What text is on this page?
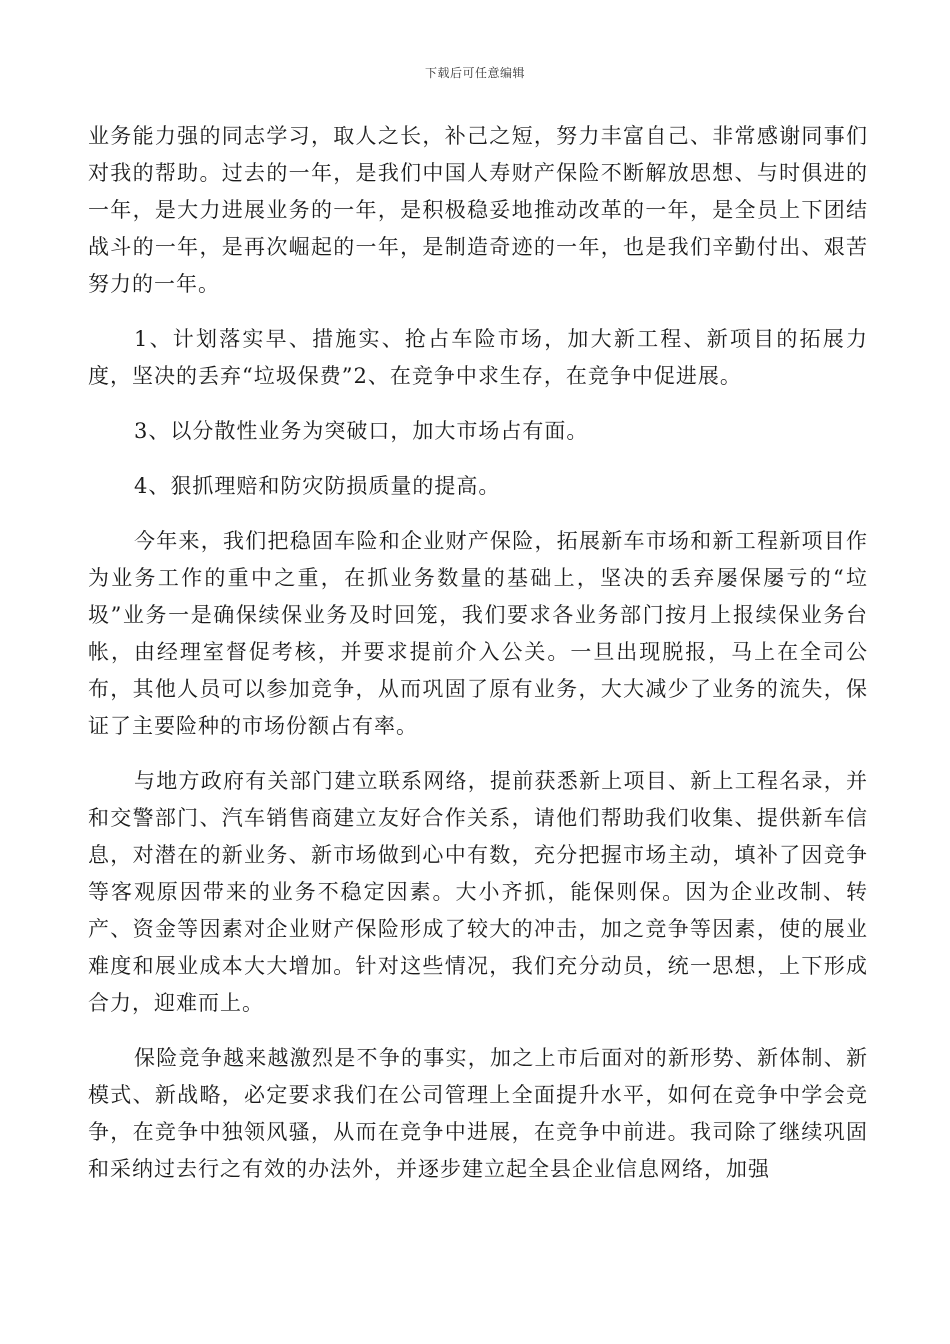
下载后可任意编辑

业务能力强的同志学习，取人之长，补己之短，努力丰富自己、非常感谢同事们对我的帮助。过去的一年，是我们中国人寿财产保险不断解放思想、与时俱进的一年，是大力进展业务的一年，是积极稳妥地推动改革的一年，是全员上下团结战斗的一年，是再次崛起的一年，是制造奇迹的一年，也是我们辛勤付出、艰苦努力的一年。

1、计划落实早、措施实、抢占车险市场，加大新工程、新项目的拓展力度，坚决的丢弃“垃圾保费”2、在竞争中求生存，在竞争中促进展。

3、以分散性业务为突破口，加大市场占有面。

4、狠抓理赔和防灾防损质量的提高。

今年来，我们把稳固车险和企业财产保险，拓展新车市场和新工程新项目作为业务工作的重中之重，在抓业务数量的基础上，坚决的丢弃屡保屡亏的“垃圾”业务一是确保续保业务及时回笼，我们要求各业务部门按月上报续保业务台帐，由经理室督促考核，并要求提前介入公关。一旦出现脱报，马上在全司公布，其他人员可以参加竞争，从而巩固了原有业务，大大减少了业务的流失，保证了主要险种的市场份额占有率。

与地方政府有关部门建立联系网络，提前获悉新上项目、新上工程名录，并和交警部门、汽车销售商建立友好合作关系，请他们帮助我们收集、提供新车信息，对潜在的新业务、新市场做到心中有数，充分把握市场主动，填补了因竞争等客观原因带来的业务不稳定因素。大小齐抓，能保则保。因为企业改制、转产、资金等因素对企业财产保险形成了较大的冲击，加之竞争等因素，使的展业难度和展业成本大大增加。针对这些情况，我们充分动员，统一思想，上下形成合力，迎难而上。

保险竞争越来越激烈是不争的事实，加之上市后面对的新形势、新体制、新模式、新战略，必定要求我们在公司管理上全面提升水平，如何在竞争中学会竞争，在竞争中独领风骚，从而在竞争中进展，在竞争中前进。我司除了继续巩固和采纳过去行之有效的办法外，并逐步建立起全县企业信息网络，加强
